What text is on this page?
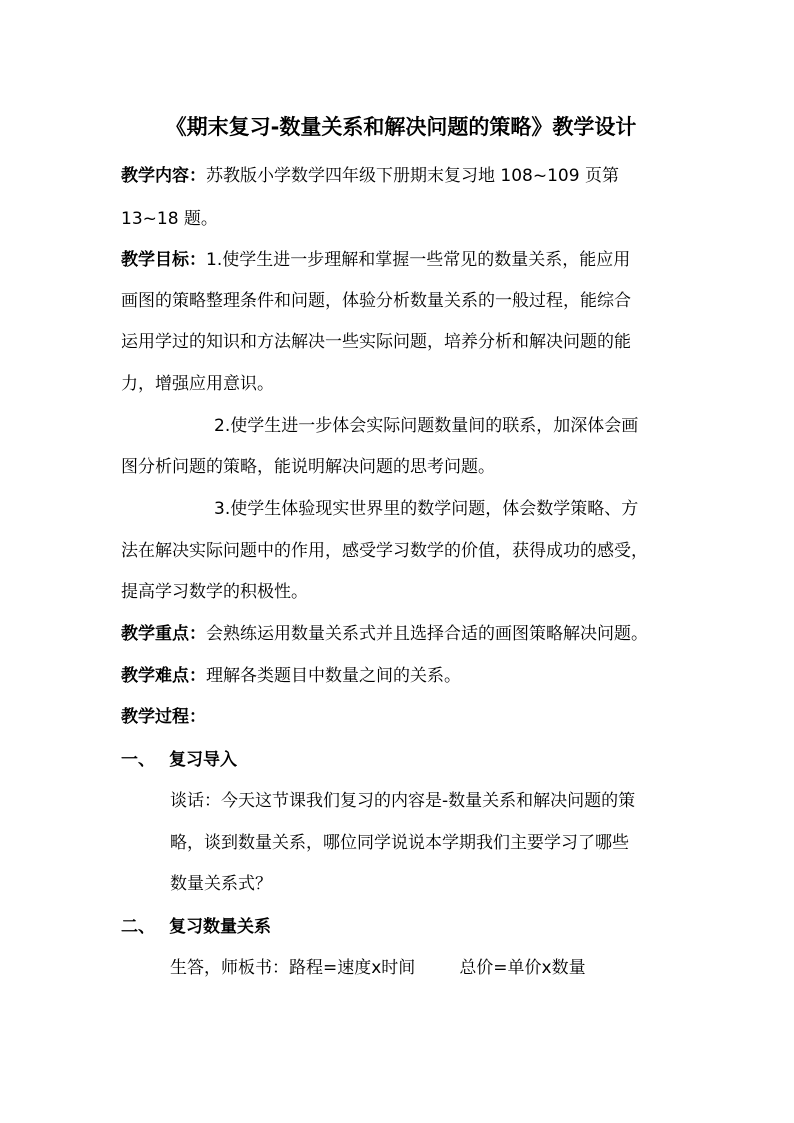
《期末复习-数量关系和解决问题的策略》教学设计
教学内容：苏教版小学数学四年级下册期末复习地 108~109 页第
13~18 题。
教学目标：1.使学生进一步理解和掌握一些常见的数量关系，能应用
画图的策略整理条件和问题，体验分析数量关系的一般过程，能综合
运用学过的知识和方法解决一些实际问题，培养分析和解决问题的能
力，增强应用意识。
2.使学生进一步体会实际问题数量间的联系，加深体会画
图分析问题的策略，能说明解决问题的思考问题。
3.使学生体验现实世界里的数学问题，体会数学策略、方
法在解决实际问题中的作用，感受学习数学的价值，获得成功的感受，
提高学习数学的积极性。
教学重点：会熟练运用数量关系式并且选择合适的画图策略解决问题。
教学难点：理解各类题目中数量之间的关系。
教学过程：
一、 复习导入
谈话：今天这节课我们复习的内容是-数量关系和解决问题的策
略，谈到数量关系，哪位同学说说本学期我们主要学习了哪些
数量关系式？
二、 复习数量关系
生答，师板书：路程=速度x时间	总价=单价x数量
